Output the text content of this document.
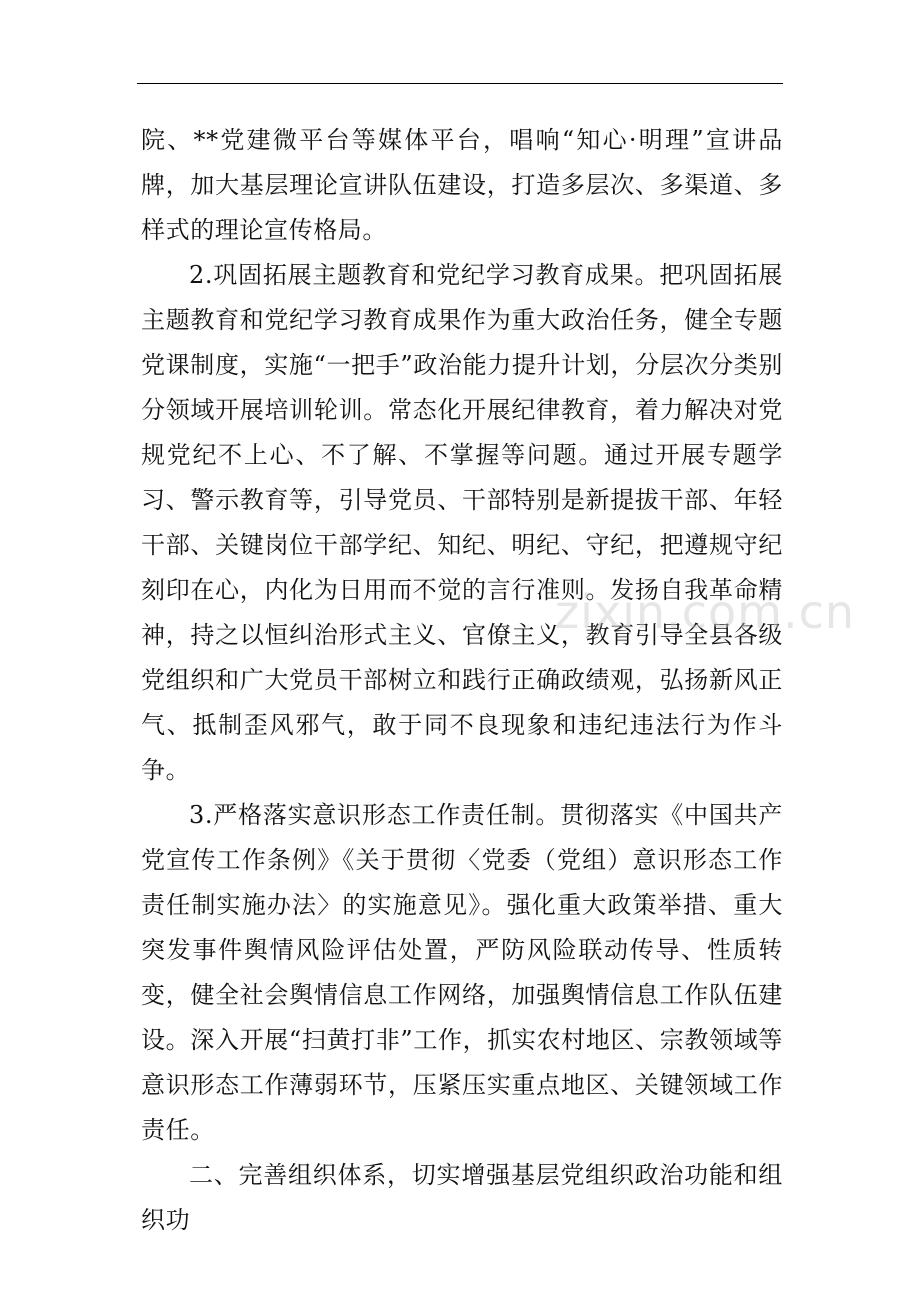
院、**党建微平台等媒体平台，唱响“知心·明理”宣讲品牌，加大基层理论宣讲队伍建设，打造多层次、多渠道、多样式的理论宣传格局。

2.巩固拓展主题教育和党纪学习教育成果。把巩固拓展主题教育和党纪学习教育成果作为重大政治任务，健全专题党课制度，实施“一把手”政治能力提升计划，分层次分类别分领域开展培训轮训。常态化开展纪律教育，着力解决对党规党纪不上心、不了解、不掌握等问题。通过开展专题学习、警示教育等，引导党员、干部特别是新提拔干部、年轻干部、关键岗位干部学纪、知纪、明纪、守纪，把遵规守纪刻印在心，内化为日用而不觉的言行准则。发扬自我革命精神，持之以恒纠治形式主义、官僚主义，教育引导全县各级党组织和广大党员干部树立和践行正确政绩观，弘扬新风正气、抵制歪风邪气，敢于同不良现象和违纪违法行为作斗争。

3.严格落实意识形态工作责任制。贯彻落实《中国共产党宣传工作条例》《关于贯彻〈党委（党组）意识形态工作责任制实施办法〉的实施意见》。强化重大政策举措、重大突发事件舆情风险评估处置，严防风险联动传导、性质转变，健全社会舆情信息工作网络，加强舆情信息工作队伍建设。深入开展“扫黄打非”工作，抓实农村地区、宗教领域等意识形态工作薄弱环节，压紧压实重点地区、关键领域工作责任。

二、完善组织体系，切实增强基层党组织政治功能和组织功

zixin.com.cn
